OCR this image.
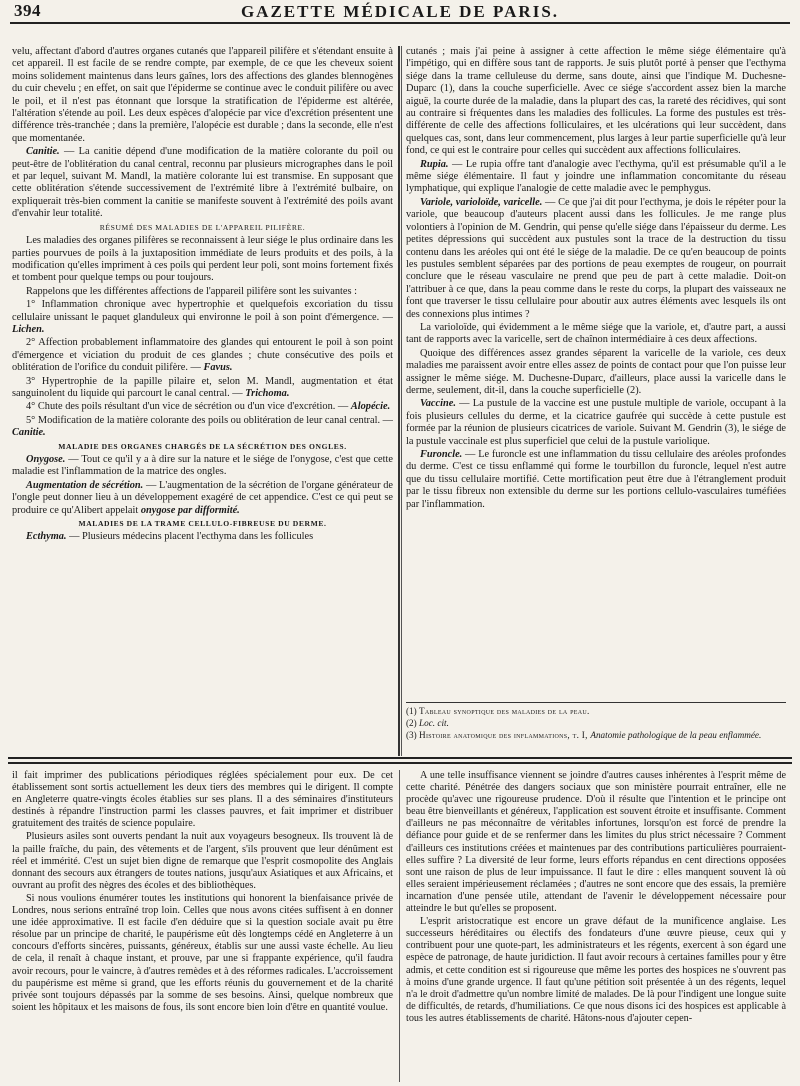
394	GAZETTE MÉDICALE DE PARIS.

velu, affectant d'abord d'autres organes cutanés que l'appareil pilifère et s'étendant ensuite à cet appareil. Il est facile de se rendre compte, par exemple, de ce que les cheveux soient moins solidement maintenus dans leurs gaînes, lors des affections des glandes blennogènes du cuir chevelu ; en effet, on sait que l'épiderme se continue avec le conduit pilifère ou avec le poil, et il n'est pas étonnant que lorsque la stratification de l'épiderme est altérée, l'altération s'étende au poil. Les deux espèces d'alopécie par vice d'excrétion présentent une différence très-tranchée ; dans la première, l'alopécie est durable ; dans la seconde, elle n'est que momentanée.

Canitie. — La canitie dépend d'une modification de la matière colorante du poil ou peut-être de l'oblitération du canal central, reconnu par plusieurs micrographes dans le poil et par lequel, suivant M. Mandl, la matière colorante lui est transmise. En supposant que cette oblitération s'étende successivement de l'extrémité libre à l'extrémité bulbaire, on expliquerait très-bien comment la canitie se manifeste souvent à l'extrémité des poils avant d'envahir leur totalité.

RÉSUMÉ DES MALADIES DE L'APPAREIL PILIFÈRE.

Les maladies des organes pilifères se reconnaissent à leur siége le plus ordinaire dans les parties pourvues de poils à la juxtaposition immédiate de leurs produits et des poils, à la modification qu'elles impriment à ces poils qui perdent leur poli, sont moins fortement fixés et tombent pour quelque temps ou pour toujours.

Rappelons que les différentes affections de l'appareil pilifère sont les suivantes :

1° Inflammation chronique avec hypertrophie et quelquefois excoriation du tissu cellulaire unissant le paquet glanduleux qui environne le poil à son point d'émergence. — Lichen.

2° Affection probablement inflammatoire des glandes qui entourent le poil à son point d'émergence et viciation du produit de ces glandes ; chute consécutive des poils et oblitération de l'orifice du conduit pilifère. — Favus.

3° Hypertrophie de la papille pilaire et, selon M. Mandl, augmentation et état sanguinolent du liquide qui parcourt le canal central. — Trichoma.

4° Chute des poils résultant d'un vice de sécrétion ou d'un vice d'excrétion. — Alopécie.

5° Modification de la matière colorante des poils ou oblitération de leur canal central. — Canitie.

MALADIE DES ORGANES CHARGÉS DE LA SÉCRÉTION DES ONGLES.

Onygose. — Tout ce qu'il y a à dire sur la nature et le siége de l'onygose, c'est que cette maladie est l'inflammation de la matrice des ongles.

Augmentation de sécrétion. — L'augmentation de la sécrétion de l'organe générateur de l'ongle peut donner lieu à un développement exagéré de cet appendice. C'est ce qui peut se produire ce qu'Alibert appelait onygose par difformité.

MALADIES DE LA TRAME CELLULO-FIBREUSE DU DERME.

Ecthyma. — Plusieurs médecins placent l'ecthyma dans les follicules

cutanés ; mais j'ai peine à assigner à cette affection le même siége élémentaire qu'à l'impétigo, qui en diffère sous tant de rapports. Je suis plutôt porté à penser que l'ecthyma siége dans la trame celluleuse du derme, sans doute, ainsi que l'indique M. Duchesne-Duparc (1), dans la couche superficielle. Avec ce siége s'accordent assez bien la marche aiguë, la courte durée de la maladie, dans la plupart des cas, la rareté des récidives, qui sont au contraire si fréquentes dans les maladies des follicules. La forme des pustules est très-différente de celle des affections folliculaires, et les ulcérations qui leur succèdent, dans quelques cas, sont, dans leur commencement, plus larges à leur partie superficielle qu'à leur fond, ce qui est le contraire pour celles qui succèdent aux affections folliculaires.

Rupia. — Le rupia offre tant d'analogie avec l'ecthyma, qu'il est présumable qu'il a le même siége élémentaire. Il faut y joindre une inflammation concomitante du réseau lymphatique, qui explique l'analogie de cette maladie avec le pemphygus.

Variole, varioloïde, varicelle. — Ce que j'ai dit pour l'ecthyma, je dois le répéter pour la variole, que beaucoup d'auteurs placent aussi dans les follicules. Je me range plus volontiers à l'opinion de M. Gendrin, qui pense qu'elle siége dans l'épaisseur du derme. Les petites dépressions qui succèdent aux pustules sont la trace de la destruction du tissu contenu dans les aréoles qui ont été le siége de la maladie. De ce qu'en beaucoup de points les pustules semblent séparées par des portions de peau exemptes de rougeur, on pourrait conclure que le réseau vasculaire ne prend que peu de part à cette maladie. Doit-on l'attribuer à ce que, dans la peau comme dans le reste du corps, la plupart des vaisseaux ne font que traverser le tissu cellulaire pour aboutir aux autres éléments avec lesquels ils ont des connexions plus intimes ?

La varioloïde, qui évidemment a le même siége que la variole, et, d'autre part, a aussi tant de rapports avec la varicelle, sert de chaînon intermédiaire à ces deux affections.

Quoique des différences assez grandes séparent la varicelle de la variole, ces deux maladies me paraissent avoir entre elles assez de points de contact pour que l'on puisse leur assigner le même siége. M. Duchesne-Duparc, d'ailleurs, place aussi la varicelle dans le derme, seulement, dit-il, dans la couche superficielle (2).

Vaccine. — La pustule de la vaccine est une pustule multiple de variole, occupant à la fois plusieurs cellules du derme, et la cicatrice gaufrée qui succède à cette pustule est formée par la réunion de plusieurs cicatrices de variole. Suivant M. Gendrin (3), le siége de la pustule vaccinale est plus superficiel que celui de la pustule variolique.

Furoncle. — Le furoncle est une inflammation du tissu cellulaire des aréoles profondes du derme. C'est ce tissu enflammé qui forme le tourbillon du furoncle, lequel n'est autre que du tissu cellulaire mortifié. Cette mortification peut être due à l'étranglement produit par le tissu fibreux non extensible du derme sur les portions cellulo-vasculaires tuméfiées par l'inflammation.

(1) Tableau synoptique des maladies de la peau.
(2) Loc. cit.
(3) Histoire anatomique des inflammations, t. I, Anatomie pathologique de la peau enflammée.

il fait imprimer des publications périodiques réglées spécialement pour eux. De cet établissement sont sortis actuellement les deux tiers des membres qui le dirigent. Il compte en Angleterre quatre-vingts écoles établies sur ses plans. Il a des séminaires d'instituteurs destinés à répandre l'instruction parmi les classes pauvres, et fait imprimer et distribuer gratuitement des traités de science populaire.

Plusieurs asiles sont ouverts pendant la nuit aux voyageurs besogneux. Ils trouvent là de la paille fraîche, du pain, des vêtements et de l'argent, s'ils prouvent que leur dénûment est réel et immérité. C'est un sujet bien digne de remarque que l'esprit cosmopolite des Anglais donnant des secours aux étrangers de toutes nations, jusqu'aux Asiatiques et aux Africains, et ouvrant au profit des nègres des écoles et des bibliothèques.

Si nous voulions énumérer toutes les institutions qui honorent la bienfaisance privée de Londres, nous serions entraîné trop loin. Celles que nous avons citées suffisent à en donner une idée approximative. Il est facile d'en déduire que si la question sociale avait pu être résolue par un principe de charité, le paupérisme eût dès longtemps cédé en Angleterre à un concours d'efforts sincères, puissants, généreux, établis sur une aussi vaste échelle. Au lieu de cela, il renaît à chaque instant, et prouve, par une si frappante expérience, qu'il faudra avoir recours, pour le vaincre, à d'autres remèdes et à des réformes radicales. L'accroissement du paupérisme est même si grand, que les efforts réunis du gouvernement et de la charité privée sont toujours dépassés par la somme de ses besoins. Ainsi, quelque nombreux que soient les hôpitaux et les maisons de fous, ils sont encore bien loin d'être en quantité voulue.

A une telle insuffisance viennent se joindre d'autres causes inhérentes à l'esprit même de cette charité. Pénétrée des dangers sociaux que son ministère pourrait entraîner, elle ne procède qu'avec une rigoureuse prudence. D'où il résulte que l'intention et le principe ont beau être bienveillants et généreux, l'application est souvent étroite et insuffisante. Comment d'ailleurs ne pas méconnaître de véritables infortunes, lorsqu'on est forcé de prendre la défiance pour guide et de se renfermer dans les limites du plus strict nécessaire ? Comment d'ailleurs ces institutions créées et maintenues par des contributions particulières pourraient-elles suffire ? La diversité de leur forme, leurs efforts répandus en cent directions opposées sont une raison de plus de leur impuissance. Il faut le dire : elles manquent souvent là où elles seraient impérieusement réclamées ; d'autres ne sont encore que des essais, la première incarnation d'une pensée utile, attendant de l'avenir le développement nécessaire pour atteindre le but qu'elles se proposent.

L'esprit aristocratique est encore un grave défaut de la munificence anglaise. Les successeurs héréditaires ou électifs des fondateurs d'une œuvre pieuse, ceux qui y contribuent pour une quote-part, les administrateurs et les régents, exercent à son égard une espèce de patronage, de haute juridiction. Il faut avoir recours à certaines familles pour y être admis, et cette condition est si rigoureuse que même les portes des hospices ne s'ouvrent pas à moins d'une grande urgence. Il faut qu'une pétition soit présentée à un des régents, lequel n'a le droit d'admettre qu'un nombre limité de malades. De là pour l'indigent une longue suite de difficultés, de retards, d'humiliations. Ce que nous disons ici des hospices est applicable à tous les autres établissements de charité. Hâtons-nous d'ajouter cepen-
